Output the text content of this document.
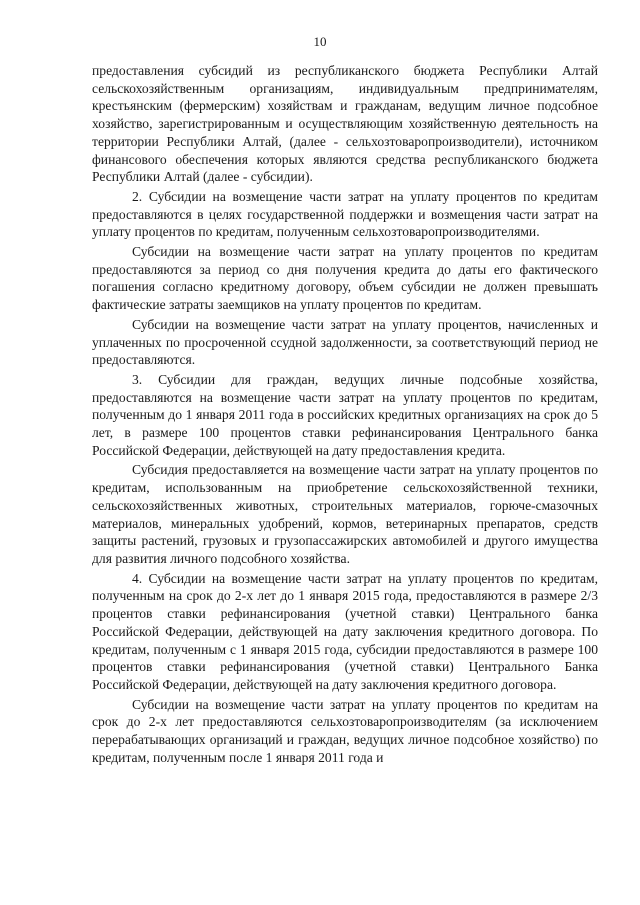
10

предоставления субсидий из республиканского бюджета Республики Алтай сельскохозяйственным организациям, индивидуальным предпринимателям, крестьянским (фермерским) хозяйствам и гражданам, ведущим личное подсобное хозяйство, зарегистрированным и осуществляющим хозяйственную деятельность на территории Республики Алтай, (далее - сельхозтоваропроизводители), источником финансового обеспечения которых являются средства республиканского бюджета Республики Алтай (далее - субсидии).

2. Субсидии на возмещение части затрат на уплату процентов по кредитам предоставляются в целях государственной поддержки и возмещения части затрат на уплату процентов по кредитам, полученным сельхозтоваропроизводителями.

Субсидии на возмещение части затрат на уплату процентов по кредитам предоставляются за период со дня получения кредита до даты его фактического погашения согласно кредитному договору, объем субсидии не должен превышать фактические затраты заемщиков на уплату процентов по кредитам.

Субсидии на возмещение части затрат на уплату процентов, начисленных и уплаченных по просроченной ссудной задолженности, за соответствующий период не предоставляются.

3. Субсидии для граждан, ведущих личные подсобные хозяйства, предоставляются на возмещение части затрат на уплату процентов по кредитам, полученным до 1 января 2011 года в российских кредитных организациях на срок до 5 лет, в размере 100 процентов ставки рефинансирования Центрального банка Российской Федерации, действующей на дату предоставления кредита.

Субсидия предоставляется на возмещение части затрат на уплату процентов по кредитам, использованным на приобретение сельскохозяйственной техники, сельскохозяйственных животных, строительных материалов, горюче-смазочных материалов, минеральных удобрений, кормов, ветеринарных препаратов, средств защиты растений, грузовых и грузопассажирских автомобилей и другого имущества для развития личного подсобного хозяйства.

4. Субсидии на возмещение части затрат на уплату процентов по кредитам, полученным на срок до 2-х лет до 1 января 2015 года, предоставляются в размере 2/3 процентов ставки рефинансирования (учетной ставки) Центрального банка Российской Федерации, действующей на дату заключения кредитного договора. По кредитам, полученным с 1 января 2015 года, субсидии предоставляются в размере 100 процентов ставки рефинансирования (учетной ставки) Центрального Банка Российской Федерации, действующей на дату заключения кредитного договора.

Субсидии на возмещение части затрат на уплату процентов по кредитам на срок до 2-х лет предоставляются сельхозтоваропроизводителям (за исключением перерабатывающих организаций и граждан, ведущих личное подсобное хозяйство) по кредитам, полученным после 1 января 2011 года и
